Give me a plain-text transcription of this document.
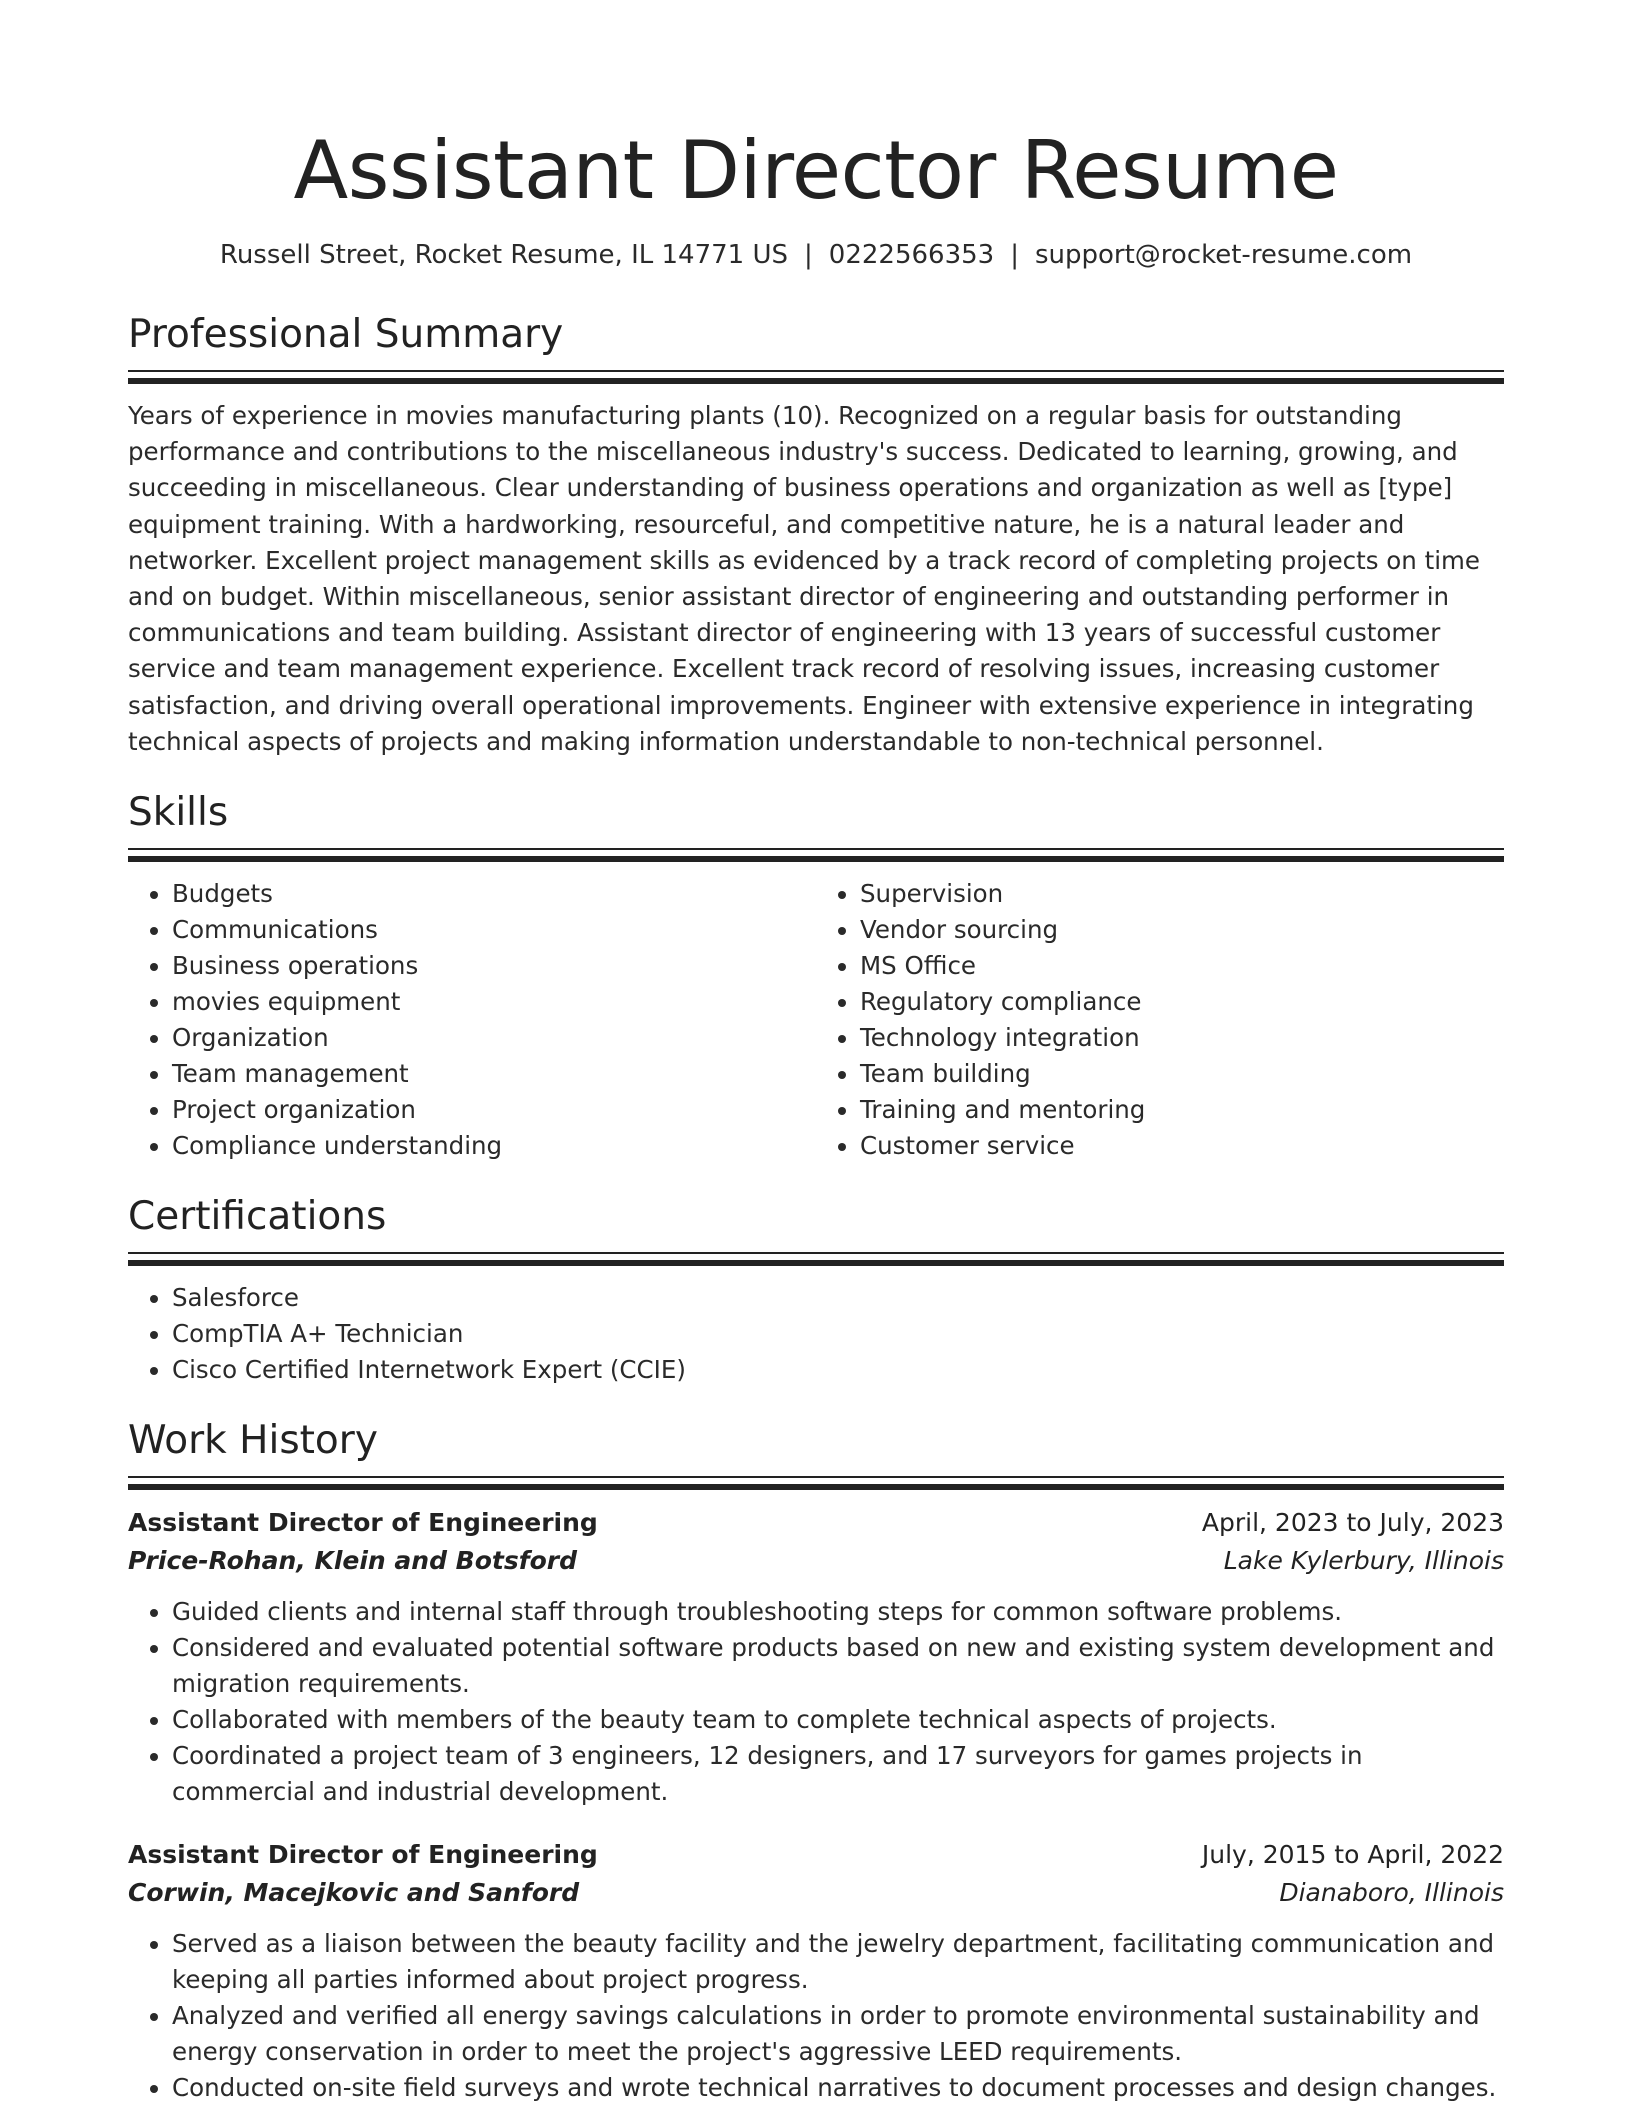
Assistant Director Resume
Russell Street, Rocket Resume, IL 14771 US | 0222566353 | support@rocket-resume.com
Professional Summary

Years of experience in movies manufacturing plants (10). Recognized on a regular basis for outstanding performance and contributions to the miscellaneous industry's success. Dedicated to learning, growing, and succeeding in miscellaneous. Clear understanding of business operations and organization as well as [type] equipment training. With a hardworking, resourceful, and competitive nature, he is a natural leader and networker. Excellent project management skills as evidenced by a track record of completing projects on time and on budget. Within miscellaneous, senior assistant director of engineering and outstanding performer in communications and team building. Assistant director of engineering with 13 years of successful customer service and team management experience. Excellent track record of resolving issues, increasing customer satisfaction, and driving overall operational improvements. Engineer with extensive experience in integrating technical aspects of projects and making information understandable to non-technical personnel.

Skills
• Budgets
• Communications
• Business operations
• movies equipment
• Organization
• Team management
• Project organization
• Compliance understanding
• Supervision
• Vendor sourcing
• MS Office
• Regulatory compliance
• Technology integration
• Team building
• Training and mentoring
• Customer service
Certifications
• Salesforce
• CompTIA A+ Technician
• Cisco Certified Internetwork Expert (CCIE)
Work History
Assistant Director of Engineering	April, 2023 to July, 2023
Price-Rohan, Klein and Botsford	Lake Kylerbury, Illinois
• Guided clients and internal staff through troubleshooting steps for common software problems.
• Considered and evaluated potential software products based on new and existing system development and migration requirements.
• Collaborated with members of the beauty team to complete technical aspects of projects.
• Coordinated a project team of 3 engineers, 12 designers, and 17 surveyors for games projects in commercial and industrial development.
Assistant Director of Engineering	July, 2015 to April, 2022
Corwin, Macejkovic and Sanford	Dianaboro, Illinois
• Served as a liaison between the beauty facility and the jewelry department, facilitating communication and keeping all parties informed about project progress.
• Analyzed and verified all energy savings calculations in order to promote environmental sustainability and energy conservation in order to meet the project's aggressive LEED requirements.
• Conducted on-site field surveys and wrote technical narratives to document processes and design changes.
